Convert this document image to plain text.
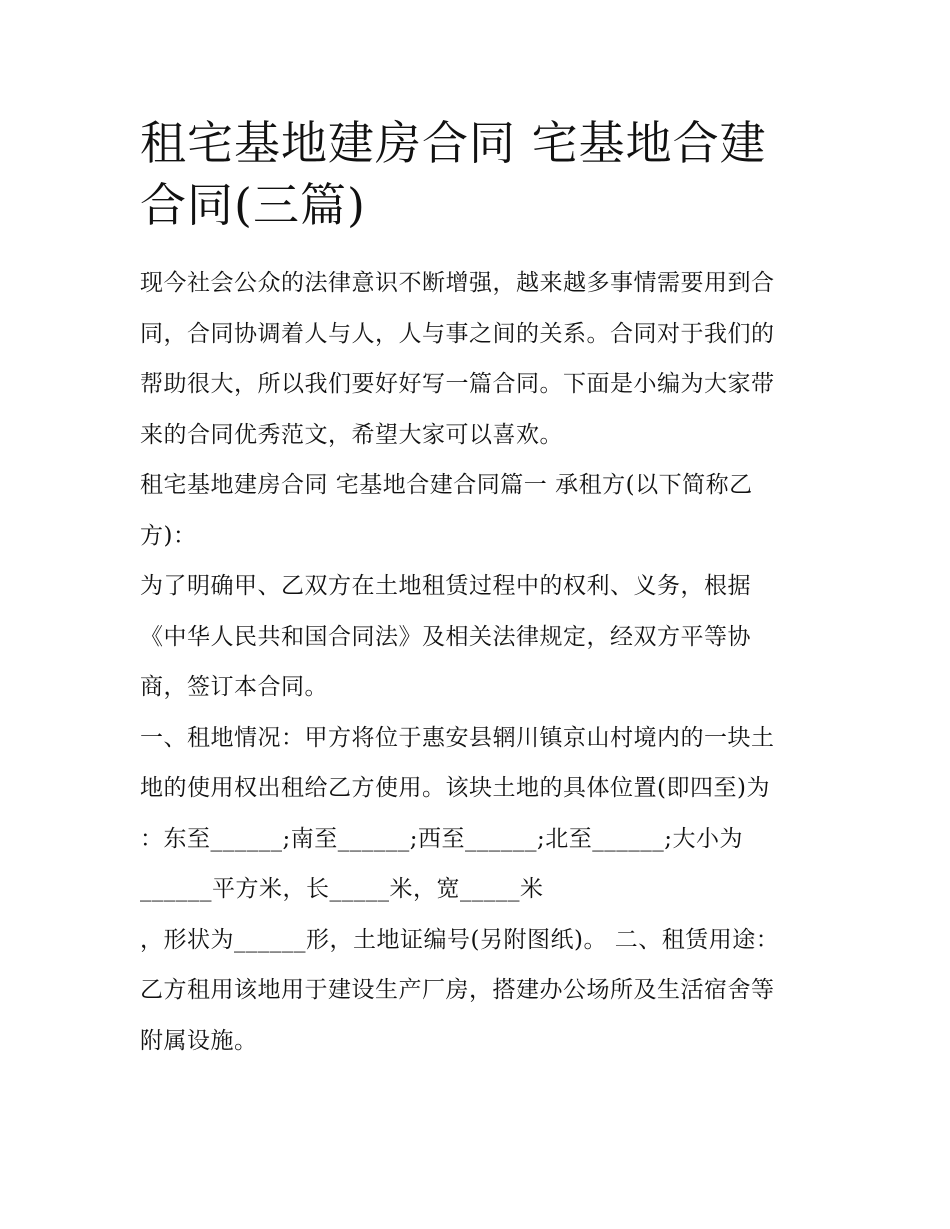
租宅基地建房合同 宅基地合建
合同(三篇)

现今社会公众的法律意识不断增强，越来越多事情需要用到合
同，合同协调着人与人，人与事之间的关系。合同对于我们的
帮助很大，所以我们要好好写一篇合同。下面是小编为大家带
来的合同优秀范文，希望大家可以喜欢。

租宅基地建房合同 宅基地合建合同篇一 承租方(以下简称乙
方)：

为了明确甲、乙双方在土地租赁过程中的权利、义务，根据
《中华人民共和国合同法》及相关法律规定，经双方平等协
商，签订本合同。

一、租地情况：甲方将位于惠安县辋川镇京山村境内的一块土
地的使用权出租给乙方使用。该块土地的具体位置(即四至)为
：东至______;南至______;西至______;北至______;大小为
______平方米，长_____米，宽_____米
，形状为______形，土地证编号(另附图纸)。 二、租赁用途：
乙方租用该地用于建设生产厂房，搭建办公场所及生活宿舍等
附属设施。
